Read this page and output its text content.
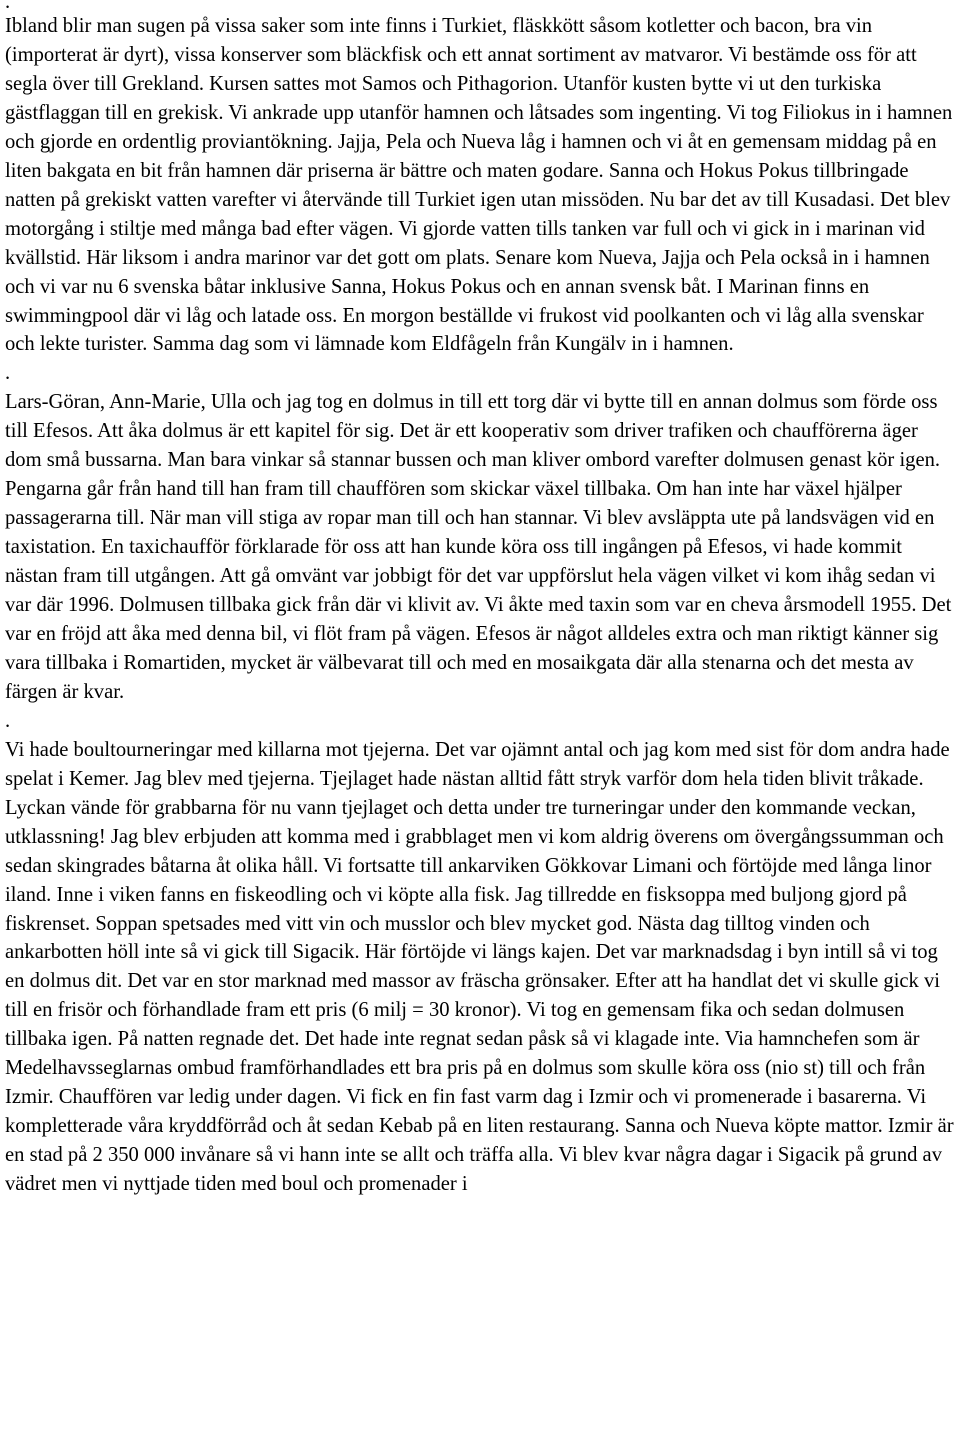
.

Ibland blir man sugen på vissa saker som inte finns i Turkiet, fläskkött såsom kotletter och bacon, bra vin (importerat är dyrt), vissa konserver som bläckfisk och ett annat sortiment av matvaror. Vi bestämde oss för att segla över till Grekland. Kursen sattes mot Samos och Pithagorion. Utanför kusten bytte vi ut den turkiska gästflaggan till en grekisk. Vi ankrade upp utanför hamnen och låtsades som ingenting. Vi tog Filiokus in i hamnen och gjorde en ordentlig proviantökning. Jajja, Pela och Nueva låg i hamnen och vi åt en gemensam middag på en liten bakgata en bit från hamnen där priserna är bättre och maten godare. Sanna och Hokus Pokus tillbringade natten på grekiskt vatten varefter vi återvände till Turkiet igen utan missöden. Nu bar det av till Kusadasi. Det blev motorgång i stiltje med många bad efter vägen. Vi gjorde vatten tills tanken var full och vi gick in i marinan vid kvällstid. Här liksom i andra marinor var det gott om plats. Senare kom Nueva, Jajja och Pela också in i hamnen och vi var nu 6 svenska båtar inklusive Sanna, Hokus Pokus och en annan svensk båt. I Marinan finns en swimmingpool där vi låg och latade oss. En morgon beställde vi frukost vid poolkanten och vi låg alla svenskar och lekte turister. Samma dag som vi lämnade kom Eldfågeln från Kungälv in i hamnen.

.

Lars-Göran, Ann-Marie, Ulla och jag tog en dolmus in till ett torg där vi bytte till en annan dolmus som förde oss till Efesos. Att åka dolmus är ett kapitel för sig. Det är ett kooperativ som driver trafiken och chaufförerna äger dom små bussarna. Man bara vinkar så stannar bussen och man kliver ombord varefter dolmusen genast kör igen. Pengarna går från hand till han fram till chauffören som skickar växel tillbaka. Om han inte har växel hjälper passagerarna till. När man vill stiga av ropar man till och han stannar. Vi blev avsläppta ute på landsvägen vid en taxistation. En taxichaufför förklarade för oss att han kunde köra oss till ingången på Efesos, vi hade kommit nästan fram till utgången. Att gå omvänt var jobbigt för det var uppförslut hela vägen vilket vi kom ihåg sedan vi var där 1996. Dolmusen tillbaka gick från där vi klivit av. Vi åkte med taxin som var en cheva årsmodell 1955. Det var en fröjd att åka med denna bil, vi flöt fram på vägen. Efesos är något alldeles extra och man riktigt känner sig vara tillbaka i Romartiden, mycket är välbevarat till och med en mosaikgata där alla stenarna och det mesta av färgen är kvar.

.

Vi hade boultourneringar med killarna mot tjejerna. Det var ojämnt antal och jag kom med sist för dom andra hade spelat i Kemer. Jag blev med tjejerna. Tjejlaget hade nästan alltid fått stryk varför dom hela tiden blivit tråkade. Lyckan vände för grabbarna för nu vann tjejlaget och detta under tre turneringar under den kommande veckan, utklassning! Jag blev erbjuden att komma med i grabblaget men vi kom aldrig överens om övergångssumman och sedan skingrades båtarna åt olika håll. Vi fortsatte till ankarviken Gökkovar Limani och förtöjde med långa linor iland. Inne i viken fanns en fiskeodling och vi köpte alla fisk. Jag tillredde en fisksoppa med buljong gjord på fiskrenset. Soppan spetsades med vitt vin och musslor och blev mycket god. Nästa dag tilltog vinden och ankarbotten höll inte så vi gick till Sigacik. Här förtöjde vi längs kajen. Det var marknadsdag i byn intill så vi tog en dolmus dit. Det var en stor marknad med massor av fräscha grönsaker. Efter att ha handlat det vi skulle gick vi till en frisör och förhandlade fram ett pris (6 milj = 30 kronor). Vi tog en gemensam fika och sedan dolmusen tillbaka igen. På natten regnade det. Det hade inte regnat sedan påsk så vi klagade inte. Via hamnchefen som är Medelhavsseglarnas ombud framförhandlades ett bra pris på en dolmus som skulle köra oss (nio st) till och från Izmir. Chauffören var ledig under dagen. Vi fick en fin fast varm dag i Izmir och vi promenerade i basarerna. Vi kompletterade våra kryddförråd och åt sedan Kebab på en liten restaurang. Sanna och Nueva köpte mattor. Izmir är en stad på 2 350 000 invånare så vi hann inte se allt och träffa alla. Vi blev kvar några dagar i Sigacik på grund av vädret men vi nyttjade tiden med boul och promenader i
